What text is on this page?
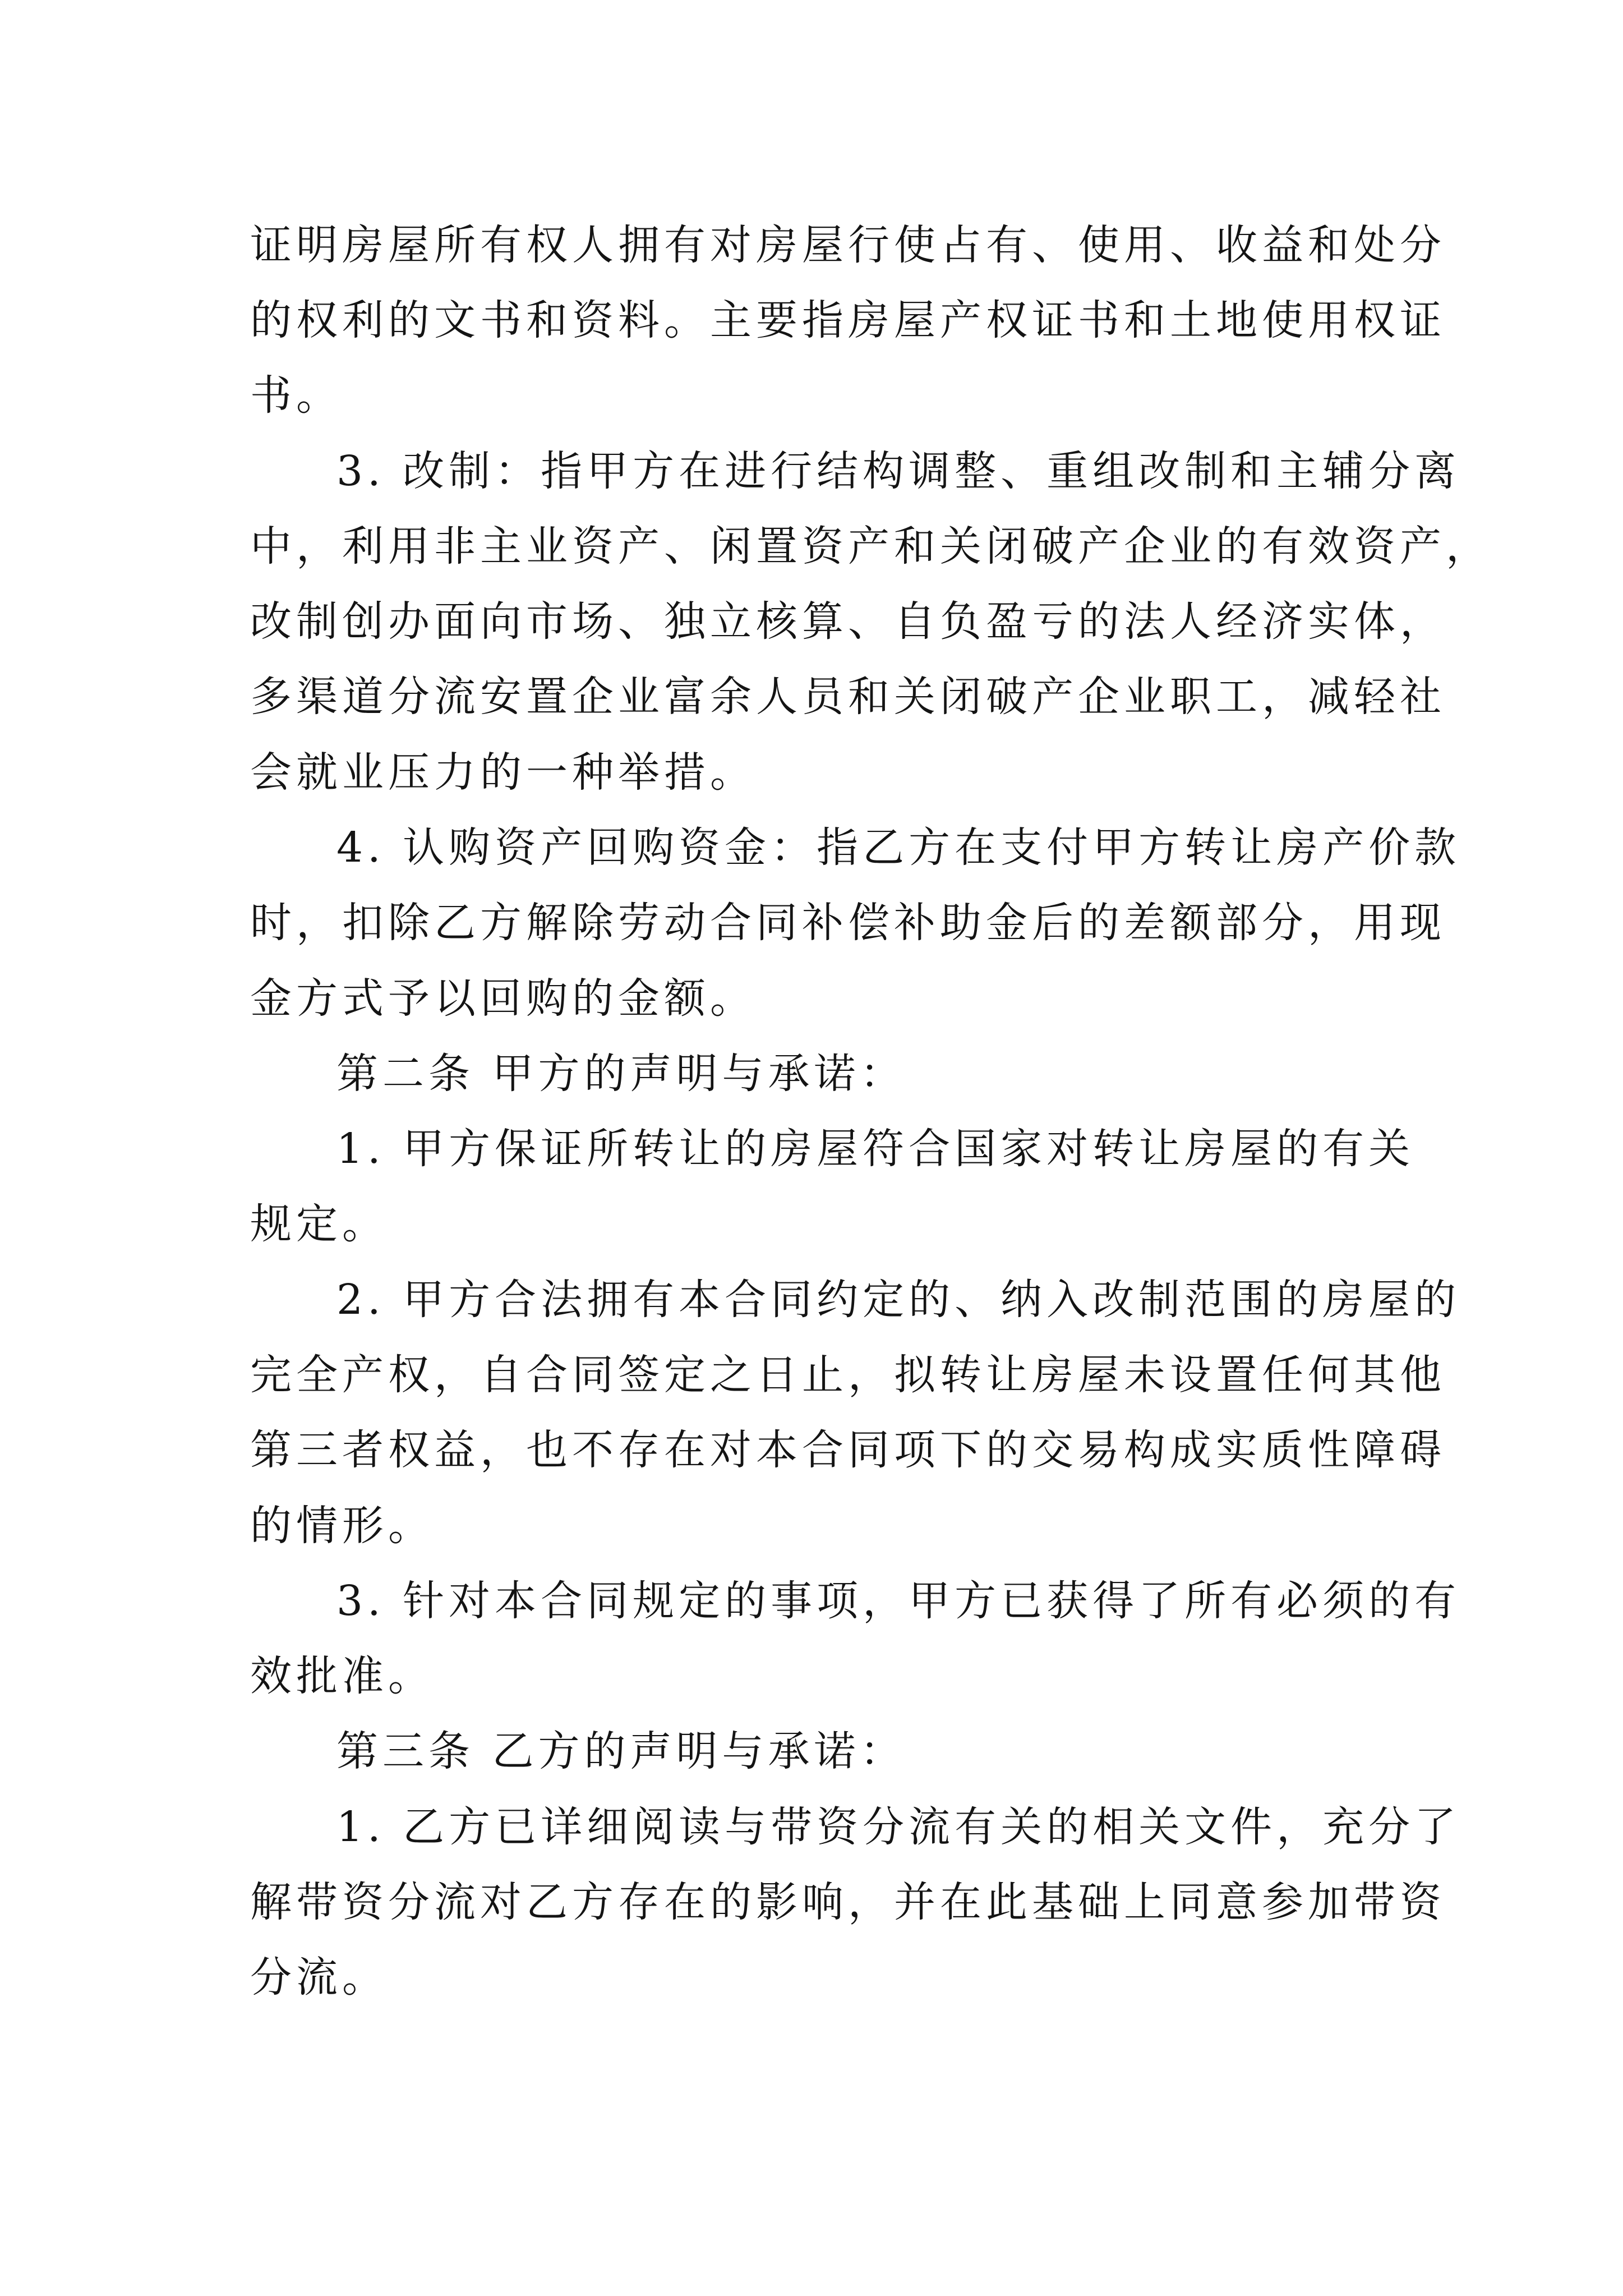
证明房屋所有权人拥有对房屋行使占有、使用、收益和处分
的权利的文书和资料。主要指房屋产权证书和土地使用权证
书。
3. 改制：指甲方在进行结构调整、重组改制和主辅分离
中，利用非主业资产、闲置资产和关闭破产企业的有效资产，
改制创办面向市场、独立核算、自负盈亏的法人经济实体，
多渠道分流安置企业富余人员和关闭破产企业职工，减轻社
会就业压力的一种举措。
4. 认购资产回购资金：指乙方在支付甲方转让房产价款
时，扣除乙方解除劳动合同补偿补助金后的差额部分，用现
金方式予以回购的金额。
第二条 甲方的声明与承诺：
1. 甲方保证所转让的房屋符合国家对转让房屋的有关
规定。
2. 甲方合法拥有本合同约定的、纳入改制范围的房屋的
完全产权，自合同签定之日止，拟转让房屋未设置任何其他
第三者权益，也不存在对本合同项下的交易构成实质性障碍
的情形。
3. 针对本合同规定的事项，甲方已获得了所有必须的有
效批准。
第三条 乙方的声明与承诺：
1. 乙方已详细阅读与带资分流有关的相关文件，充分了
解带资分流对乙方存在的影响，并在此基础上同意参加带资
分流。
